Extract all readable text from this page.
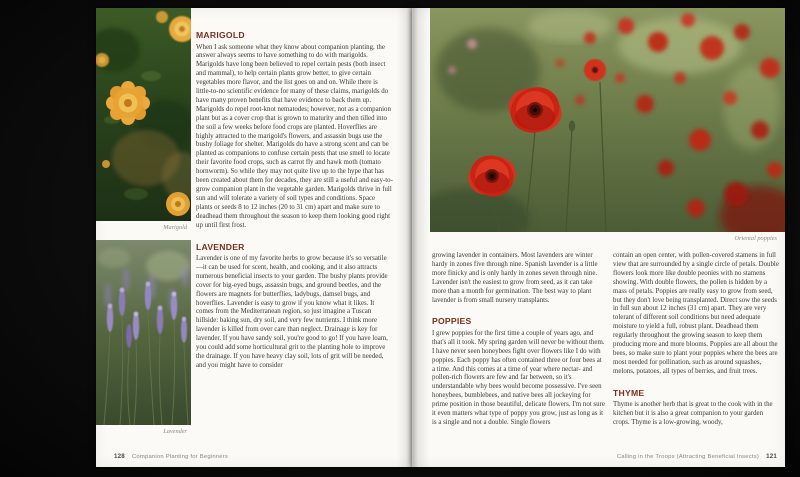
Marigold
Lavender
MARIGOLD

When I ask someone what they know about companion planting, the answer always seems to have something to do with marigolds. Marigolds have long been believed to repel certain pests (both insect and mammal), to help certain plants grow better, to give certain vegetables more flavor, and the list goes on and on. While there is little-to-no scientific evidence for many of these claims, marigolds do have many proven benefits that have evidence to back them up. Marigolds do repel root-knot nematodes; however, not as a companion plant but as a cover crop that is grown to maturity and then tilled into the soil a few weeks before food crops are planted. Hoverflies are highly attracted to the marigold's flowers, and assassin bugs use the bushy foliage for shelter. Marigolds do have a strong scent and can be planted as companions to confuse certain pests that use smell to locate their favorite food crops, such as carrot fly and hawk moth (tomato hornworm). So while they may not quite live up to the hype that has been created about them for decades, they are still a useful and easy-to-grow companion plant in the vegetable garden. Marigolds thrive in full sun and will tolerate a variety of soil types and conditions. Space plants or seeds 8 to 12 inches (20 to 31 cm) apart and make sure to deadhead them throughout the season to keep them looking good right up until first frost.

LAVENDER

Lavender is one of my favorite herbs to grow because it's so versatile—it can be used for scent, health, and cooking, and it also attracts numerous beneficial insects to your garden. The bushy plants provide cover for big-eyed bugs, assassin bugs, and ground beetles, and the flowers are magnets for butterflies, ladybugs, damsel bugs, and hoverflies. Lavender is easy to grow if you know what it likes. It comes from the Mediterranean region, so just imagine a Tuscan hillside: baking sun, dry soil, and very few nutrients. I think more lavender is killed from over care than neglect. Drainage is key for lavender. If you have sandy soil, you're good to go! If you have loam, you could add some horticultural grit to the planting hole to improve the drainage. If you have heavy clay soil, lots of grit will be needed, and you might have to consider

128 Companion Planting for Beginners
Oriental poppies

growing lavender in containers. Most lavenders are winter hardy in zones five through nine. Spanish lavender is a little more finicky and is only hardy in zones seven through nine. Lavender isn't the easiest to grow from seed, as it can take more than a month for germination. The best way to plant lavender is from small nursery transplants.

POPPIES

I grew poppies for the first time a couple of years ago, and that's all it took. My spring garden will never be without them. I have never seen honeybees fight over flowers like I do with poppies. Each poppy has often contained three or four bees at a time. And this comes at a time of year where nectar- and pollen-rich flowers are few and far between, so it's understandable why bees would become possessive. I've seen honeybees, bumblebees, and native bees all jockeying for prime position in those beautiful, delicate flowers. I'm not sure it even matters what type of poppy you grow, just as long as it is a single and not a double. Single flowers

contain an open center, with pollen-covered stamens in full view that are surrounded by a single circle of petals. Double flowers look more like double peonies with no stamens showing. With double flowers, the pollen is hidden by a mass of petals. Poppies are really easy to grow from seed, but they don't love being transplanted. Direct sow the seeds in full sun about 12 inches (31 cm) apart. They are very tolerant of different soil conditions but need adequate moisture to yield a full, robust plant. Deadhead them regularly throughout the growing season to keep them producing more and more blooms. Poppies are all about the bees, so make sure to plant your poppies where the bees are most needed for pollination, such as around squashes, melons, potatoes, all types of berries, and fruit trees.

THYME

Thyme is another herb that is great to the cook with in the kitchen but it is also a great companion to your garden crops. Thyme is a low-growing, woody,

Calling in the Troops (Attracting Beneficial Insects) 121
